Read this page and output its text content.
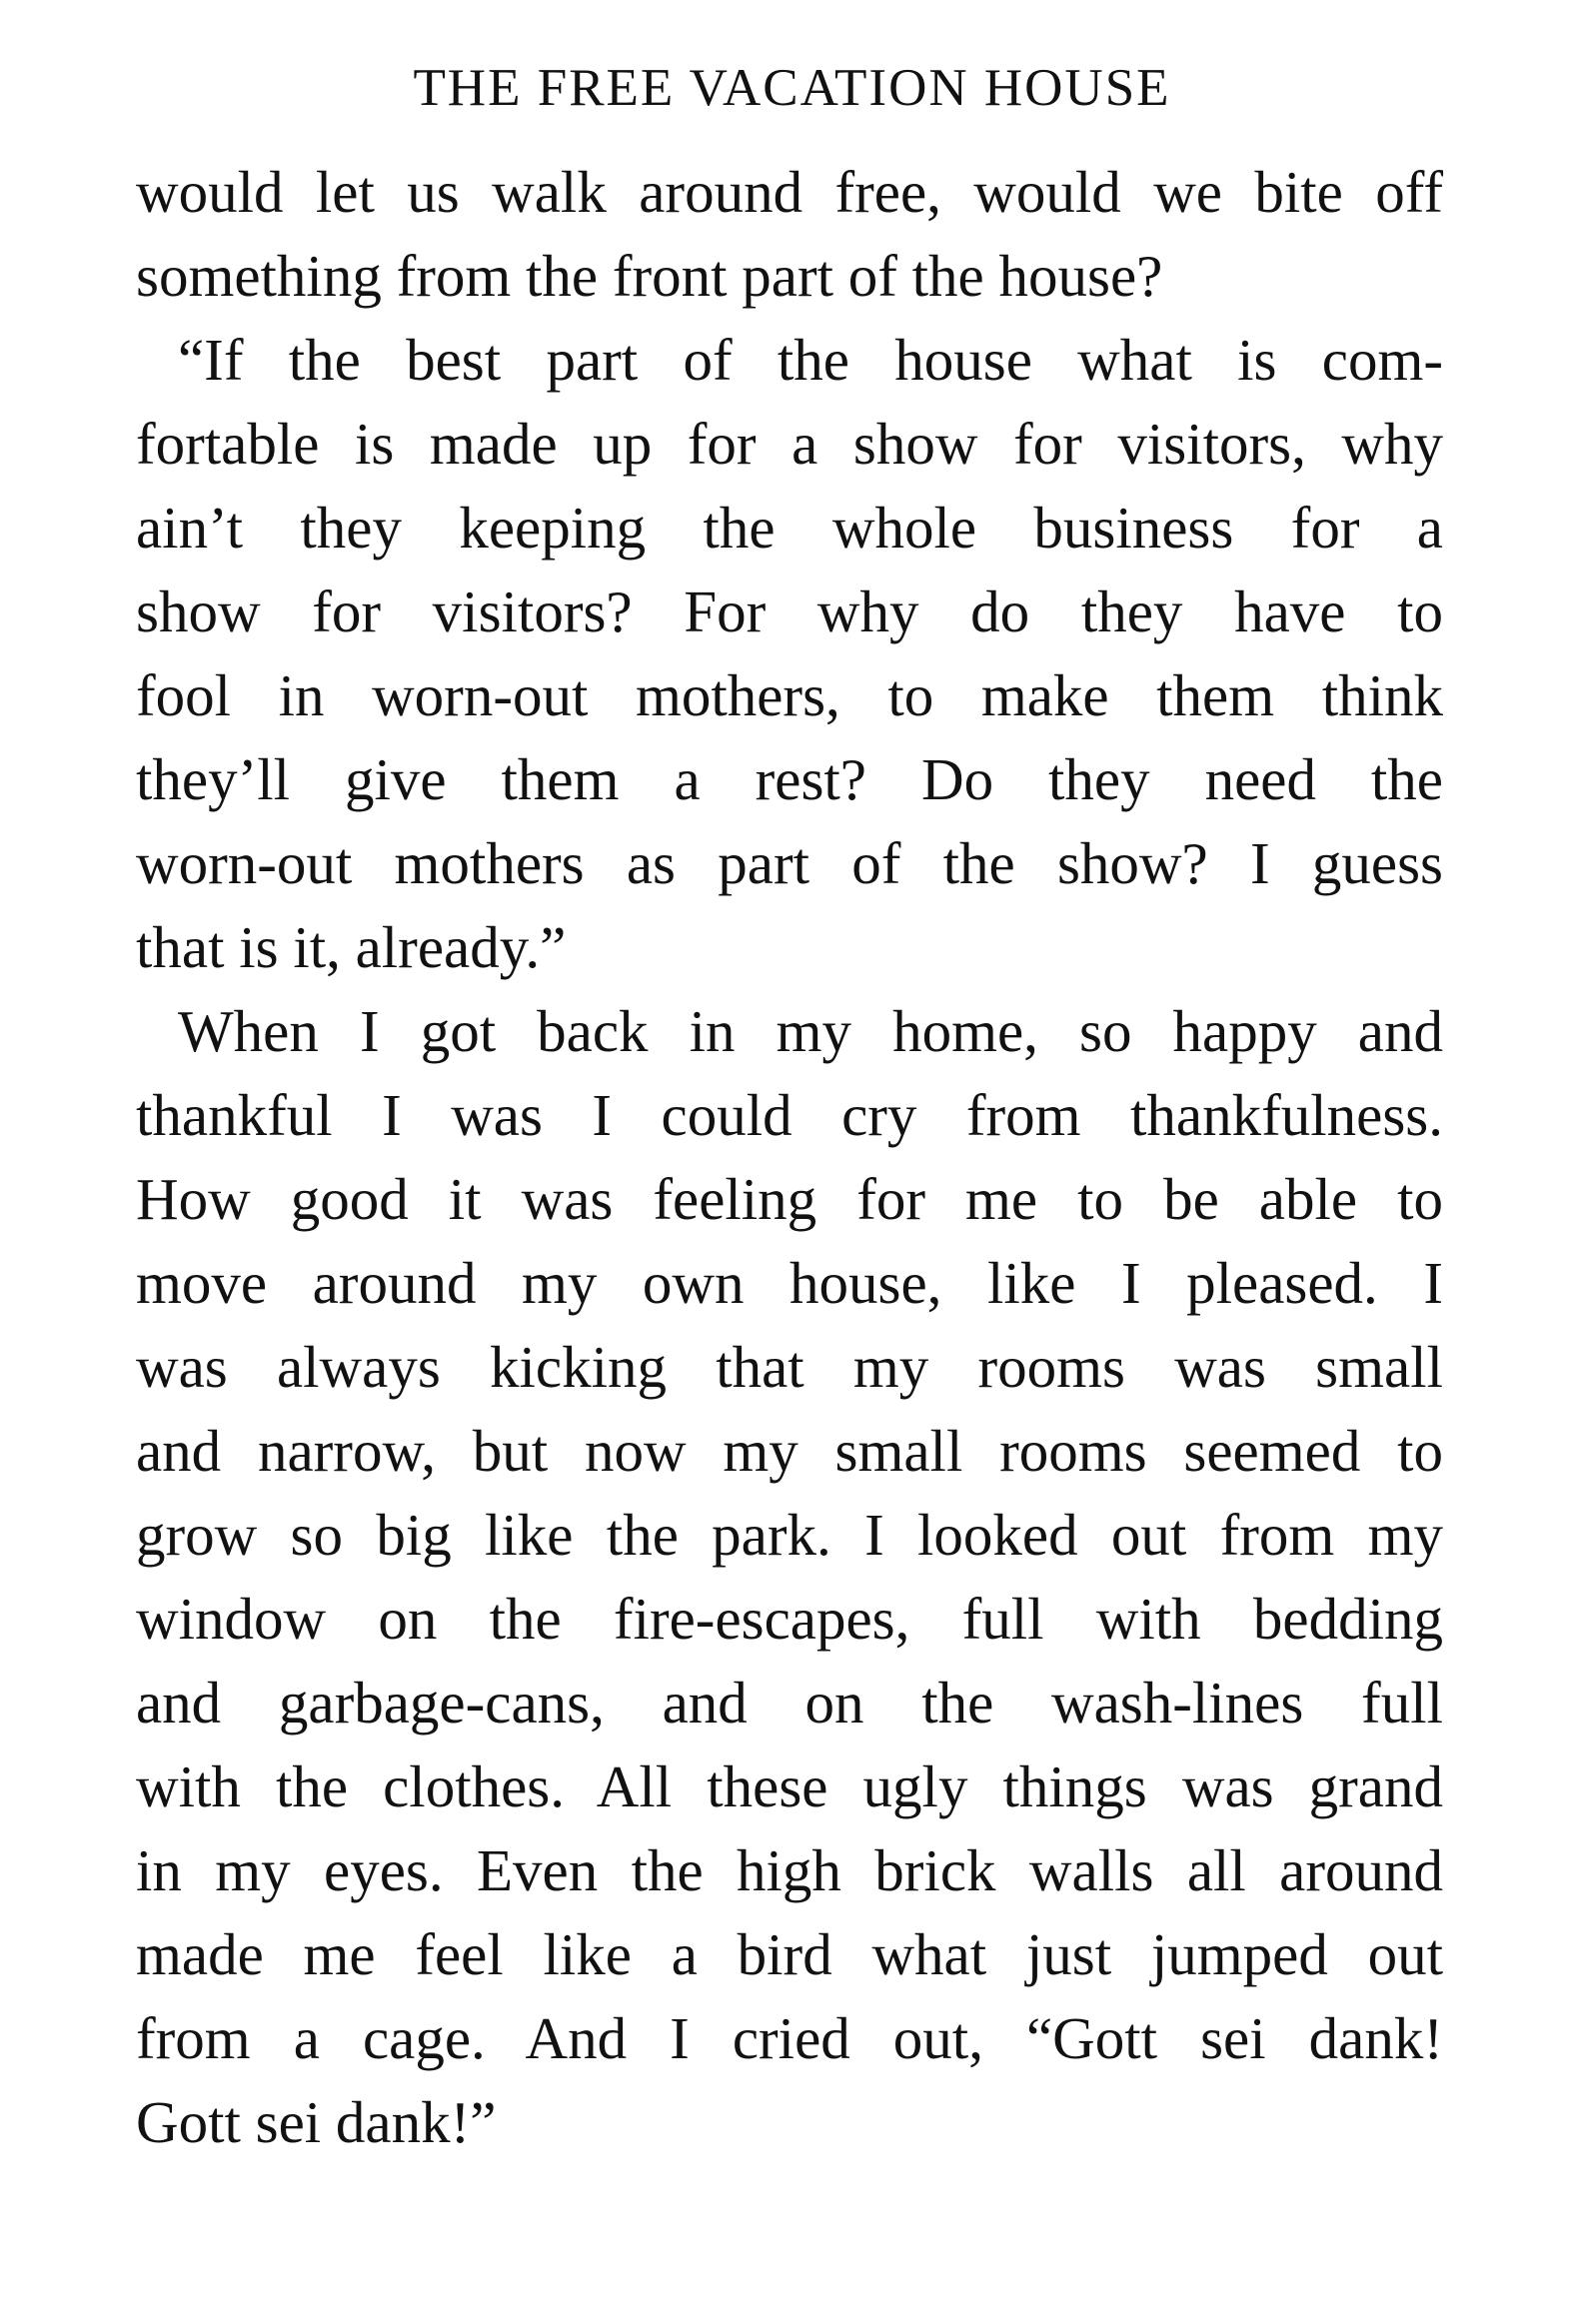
THE FREE VACATION HOUSE
would let us walk around free, would we bite off
something from the front part of the house?
“If the best part of the house what is com-
fortable is made up for a show for visitors, why
ain’t they keeping the whole business for a
show for visitors? For why do they have to
fool in worn-out mothers, to make them think
they’ll give them a rest? Do they need the
worn-out mothers as part of the show? I guess
that is it, already.”
When I got back in my home, so happy and
thankful I was I could cry from thankfulness.
How good it was feeling for me to be able to
move around my own house, like I pleased. I
was always kicking that my rooms was small
and narrow, but now my small rooms seemed to
grow so big like the park. I looked out from my
window on the fire-escapes, full with bedding
and garbage-cans, and on the wash-lines full
with the clothes. All these ugly things was grand
in my eyes. Even the high brick walls all around
made me feel like a bird what just jumped out
from a cage. And I cried out, “Gott sei dank!
Gott sei dank!”
